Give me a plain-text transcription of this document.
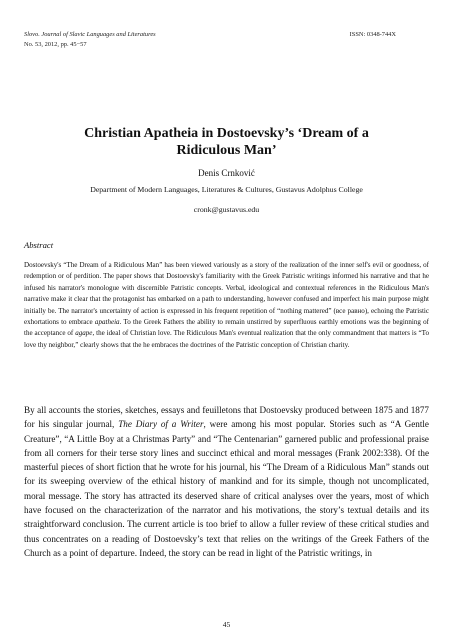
Slovo. Journal of Slavic Languages and Literatures
No. 53, 2012, pp. 45−57
ISSN: 0348-744X
Christian Apatheia in Dostoevsky’s ‘Dream of a
Ridiculous Man’
Denis Crnković
Department of Modern Languages, Literatures & Cultures, Gustavus Adolphus College
cronk@gustavus.edu
Abstract

Dostoevsky's “The Dream of a Ridiculous Man” has been viewed variously as a story of the realization of the inner self's evil or goodness, of redemption or of perdition. The paper shows that Dostoevsky's familiarity with the Greek Patristic writings informed his narrative and that he infused his narrator's monologue with discernible Patristic concepts. Verbal, ideological and contextual references in the Ridiculous Man's narrative make it clear that the protagonist has embarked on a path to understanding, however confused and imperfect his main purpose might initially be. The narrator's uncertainty of action is expressed in his frequent repetition of “nothing mattered” (все равно), echoing the Patristic exhortations to embrace apatheia. To the Greek Fathers the ability to remain unstirred by superfluous earthly emotions was the beginning of the acceptance of agape, the ideal of Christian love. The Ridiculous Man's eventual realization that the only commandment that matters is “To love thy neighbor,” clearly shows that the he embraces the doctrines of the Patristic conception of Christian charity.

By all accounts the stories, sketches, essays and feuilletons that Dostoevsky produced between 1875 and 1877 for his singular journal, The Diary of a Writer, were among his most popular. Stories such as “A Gentle Creature”, “A Little Boy at a Christmas Party” and “The Centenarian” garnered public and professional praise from all corners for their terse story lines and succinct ethical and moral messages (Frank 2002:338). Of the masterful pieces of short fiction that he wrote for his journal, his “The Dream of a Ridiculous Man” stands out for its sweeping overview of the ethical history of mankind and for its simple, though not uncomplicated, moral message. The story has attracted its deserved share of critical analyses over the years, most of which have focused on the characterization of the narrator and his motivations, the story’s textual details and its straightforward conclusion. The current article is too brief to allow a fuller review of these critical studies and thus concentrates on a reading of Dostoevsky’s text that relies on the writings of the Greek Fathers of the Church as a point of departure. Indeed, the story can be read in light of the Patristic writings, in

45
